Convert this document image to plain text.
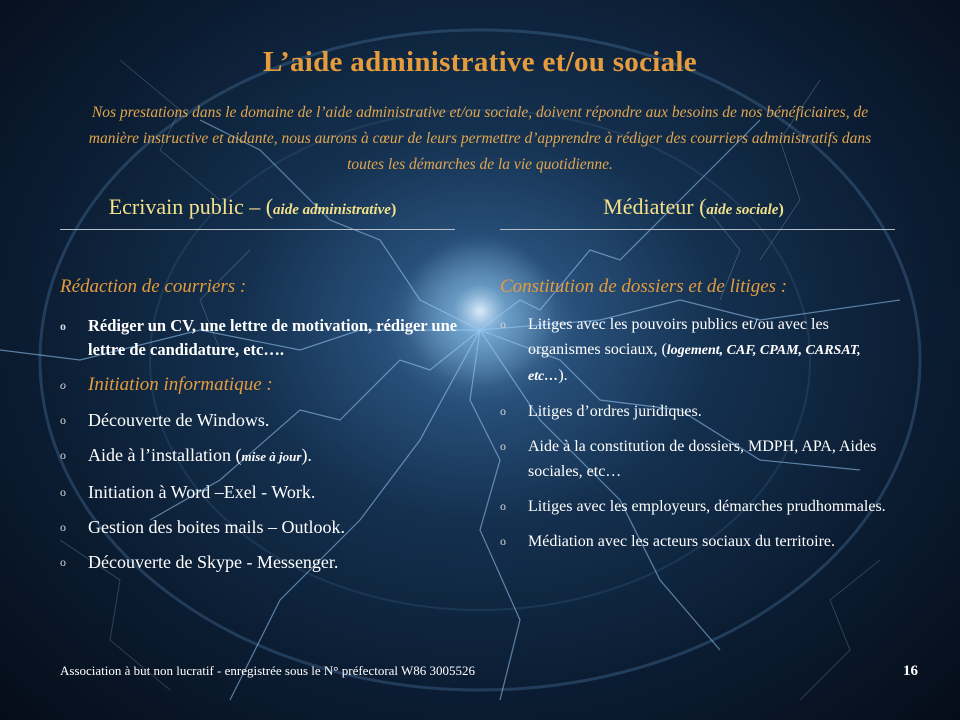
L’aide administrative et/ou sociale
Nos prestations dans le domaine de l’aide administrative et/ou sociale, doivent répondre aux besoins de nos bénéficiaires, de manière instructive et aidante, nous aurons à cœur de leurs permettre d’apprendre à rédiger des courriers administratifs dans toutes les démarches de la vie quotidienne.
Ecrivain public – (aide administrative)	Médiateur (aide sociale)
Rédaction de courriers :	Constitution de dossiers et de litiges :
o Rédiger un CV, une lettre de motivation, rédiger une lettre de candidature, etc….
o Initiation informatique :
o Découverte de Windows.
o Aide à l’installation (mise à jour).
o Initiation à Word –Exel - Work.
o Gestion des boites mails – Outlook.
o Découverte de Skype - Messenger.
o Litiges avec les pouvoirs publics et/ou avec les organismes sociaux, (logement, CAF, CPAM, CARSAT, etc…).
o Litiges d’ordres juridiques.
o Aide à la constitution de dossiers, MDPH, APA, Aides sociales, etc…
o Litiges avec les employeurs, démarches prudhommales.
o Médiation avec les acteurs sociaux du territoire.
Association à but non lucratif - enregistrée sous le N° préfectoral W86 3005526	16
